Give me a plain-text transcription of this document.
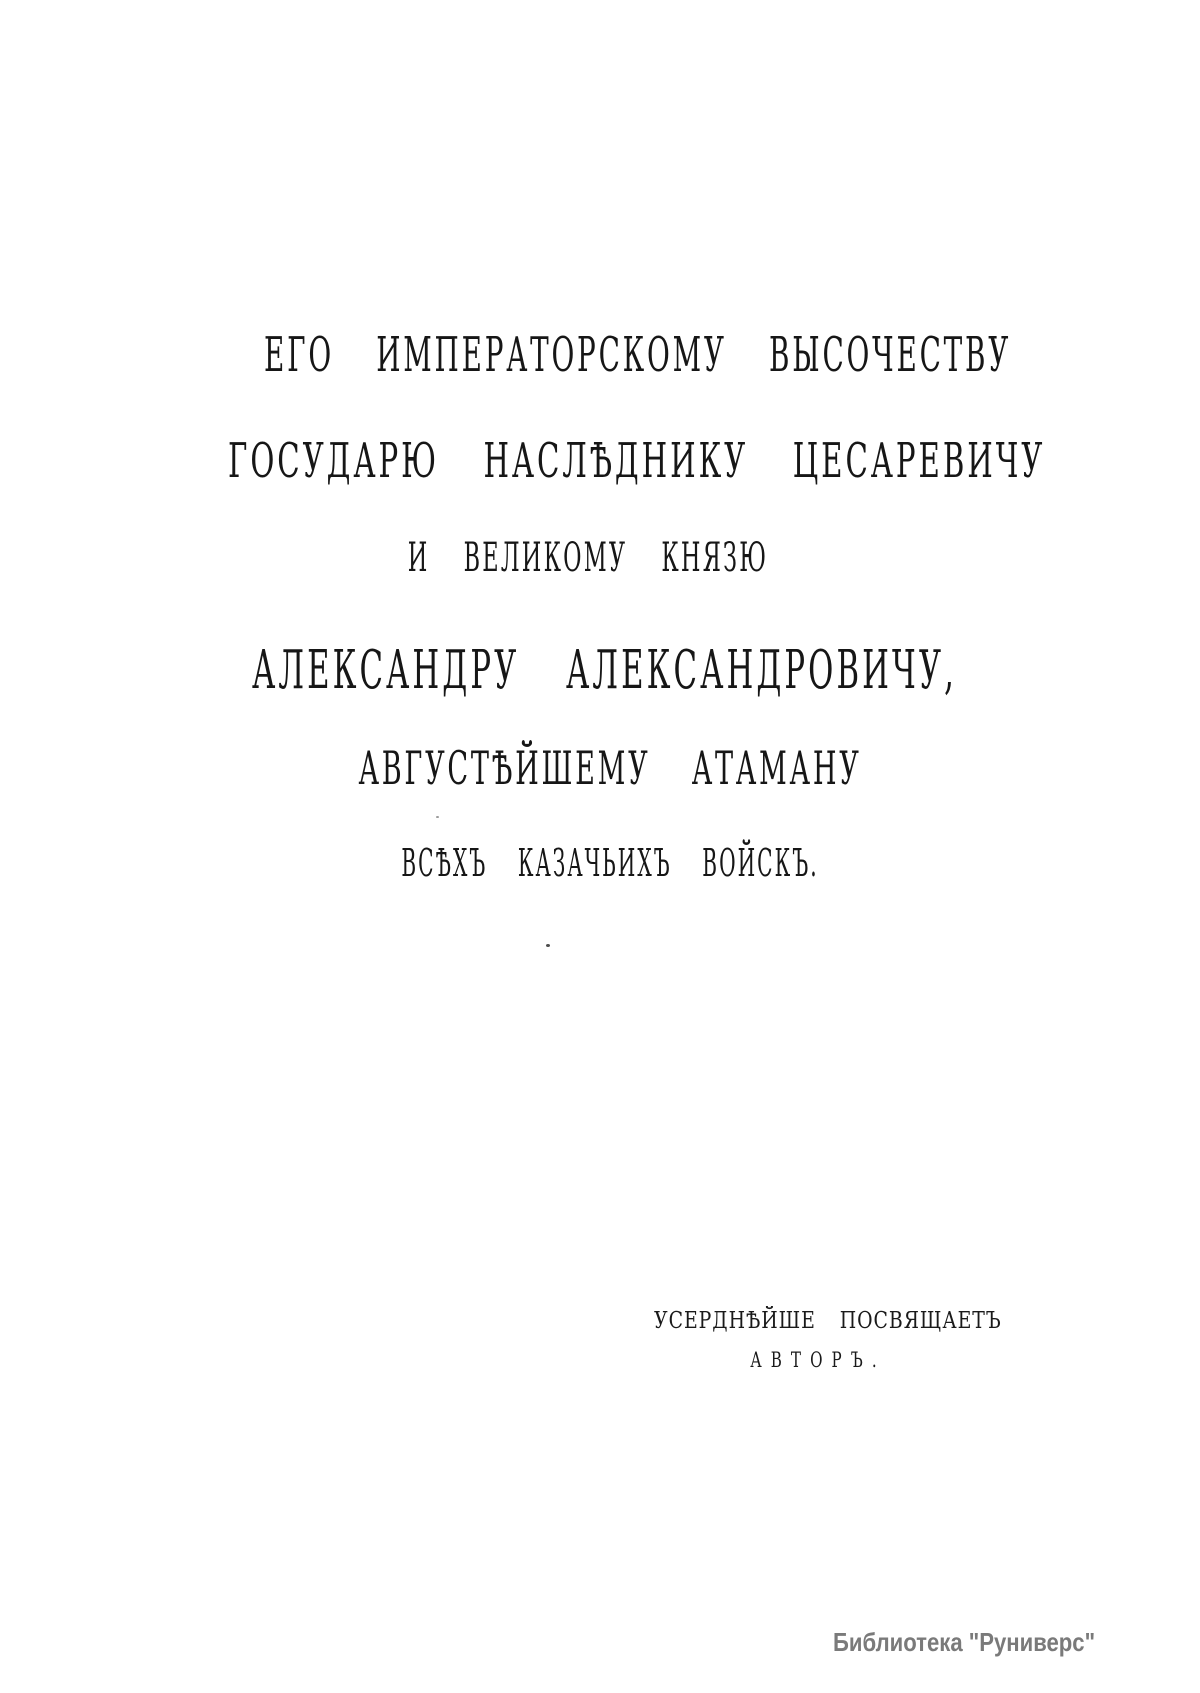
ЕГО ИМПЕРАТОРСКОМУ ВЫСОЧЕСТВУ
ГОСУДАРЮ НАСЛѢДНИКУ ЦЕСАРЕВИЧУ
И ВЕЛИКОМУ КНЯЗЮ
АЛЕКСАНДРУ АЛЕКСАНДРОВИЧУ,
АВГУСТѢЙШЕМУ АТАМАНУ
ВСѢХЪ КАЗАЧЬИХЪ ВОЙСКЪ.
УСЕРДНѢЙШЕ ПОСВЯЩАЕТЪ
АВТОРЪ.
Библиотека "Руниверс"
